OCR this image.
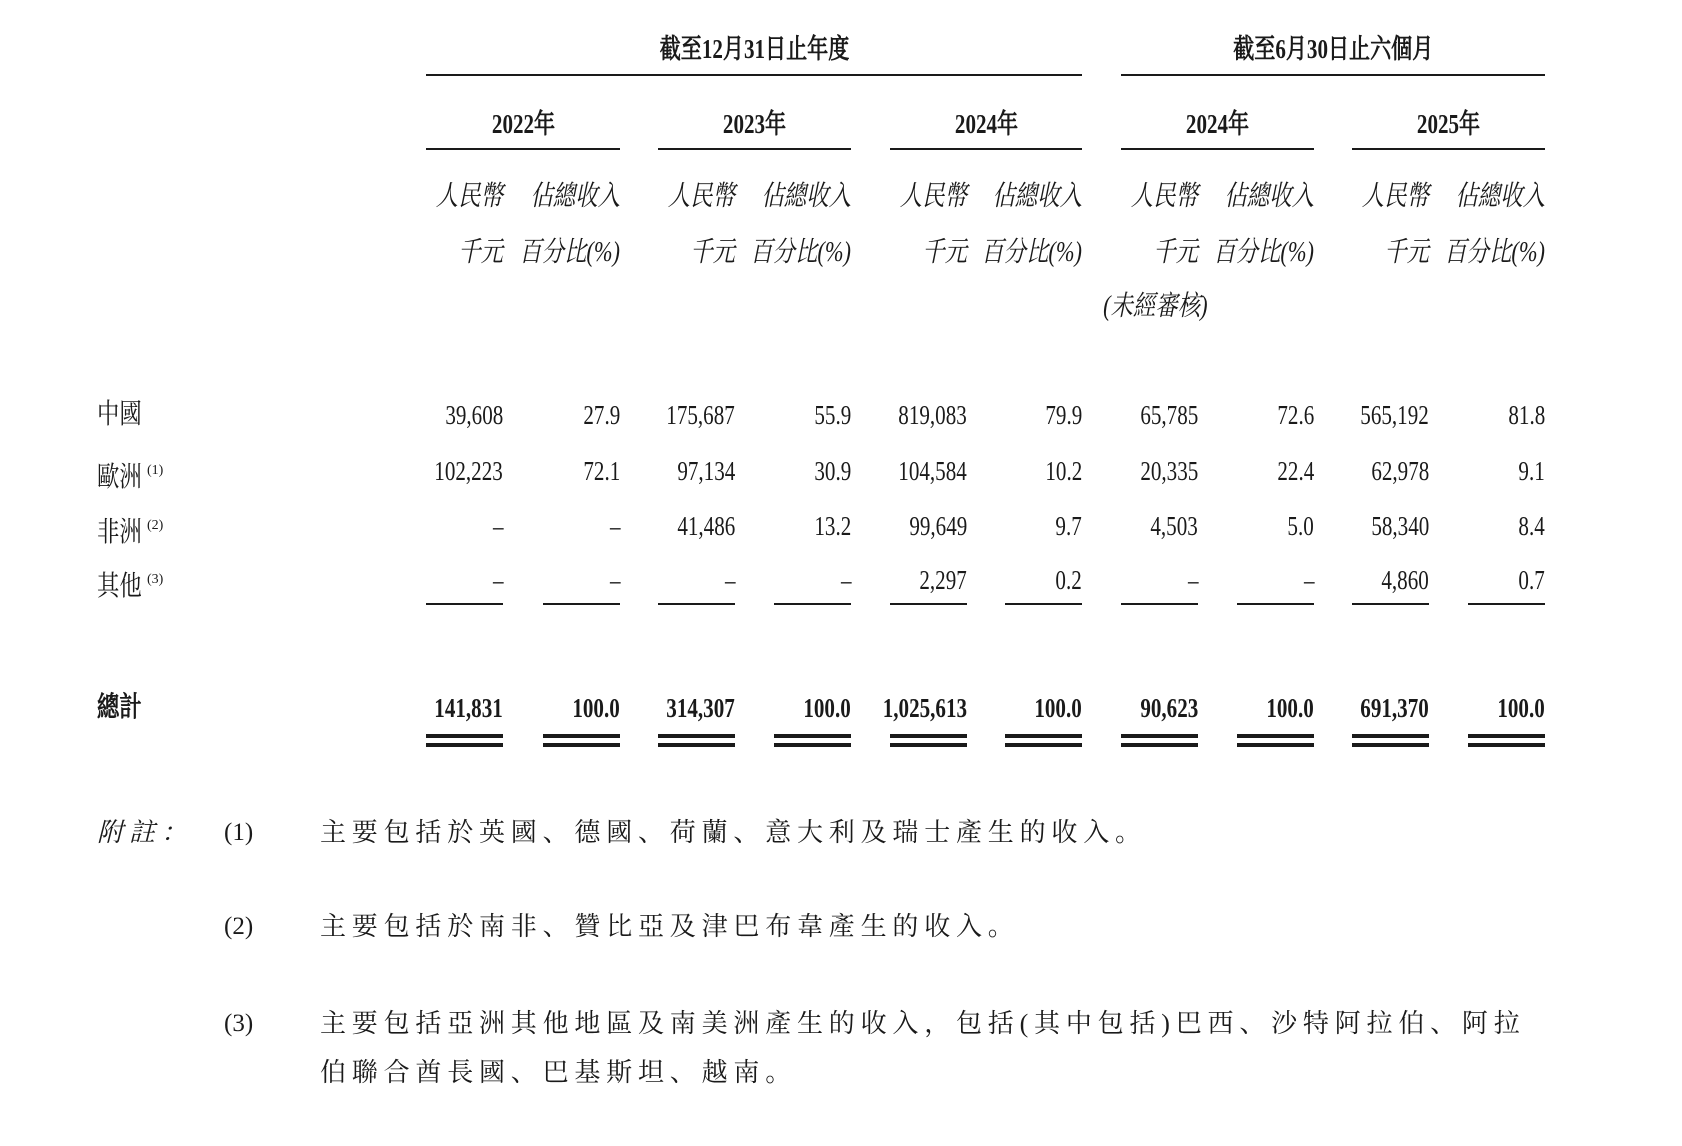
截至12月31日止年度	截至6月30日止六個月
(未經審核)
2022年
人民幣 佔總收入
千元 百分比(%)
2023年
人民幣 佔總收入
千元 百分比(%)
2024年
人民幣 佔總收入
千元 百分比(%)
2024年
人民幣 佔總收入
千元 百分比(%)
2025年
人民幣 佔總收入
千元 百分比(%)
中國	39,608	27.9	175,687	55.9	819,083	79.9	65,785	72.6	565,192	81.8
歐洲 $^{(1)}$	102,223	72.1	97,134	30.9	104,584	10.2	20,335	22.4	62,978	9.1
非洲 $^{(2)}$	–	–	41,486	13.2	99,649	9.7	4,503	5.0	58,340	8.4
其他 $^{(3)}$	–	–	–	–	2,297	0.2	–	–	4,860	0.7
總計	141,831	100.0	314,307	100.0	1,025,613	100.0	90,623	100.0	691,370	100.0
附註： (1)	主要包括於英國、德國、荷蘭、意大利及瑞士產生的收入。
(2)	主要包括於南非、贊比亞及津巴布韋產生的收入。
(3)	主要包括亞洲其他地區及南美洲產生的收入，包括(其中包括)巴西、沙特阿拉伯、阿拉
伯聯合酋長國、巴基斯坦、越南。
